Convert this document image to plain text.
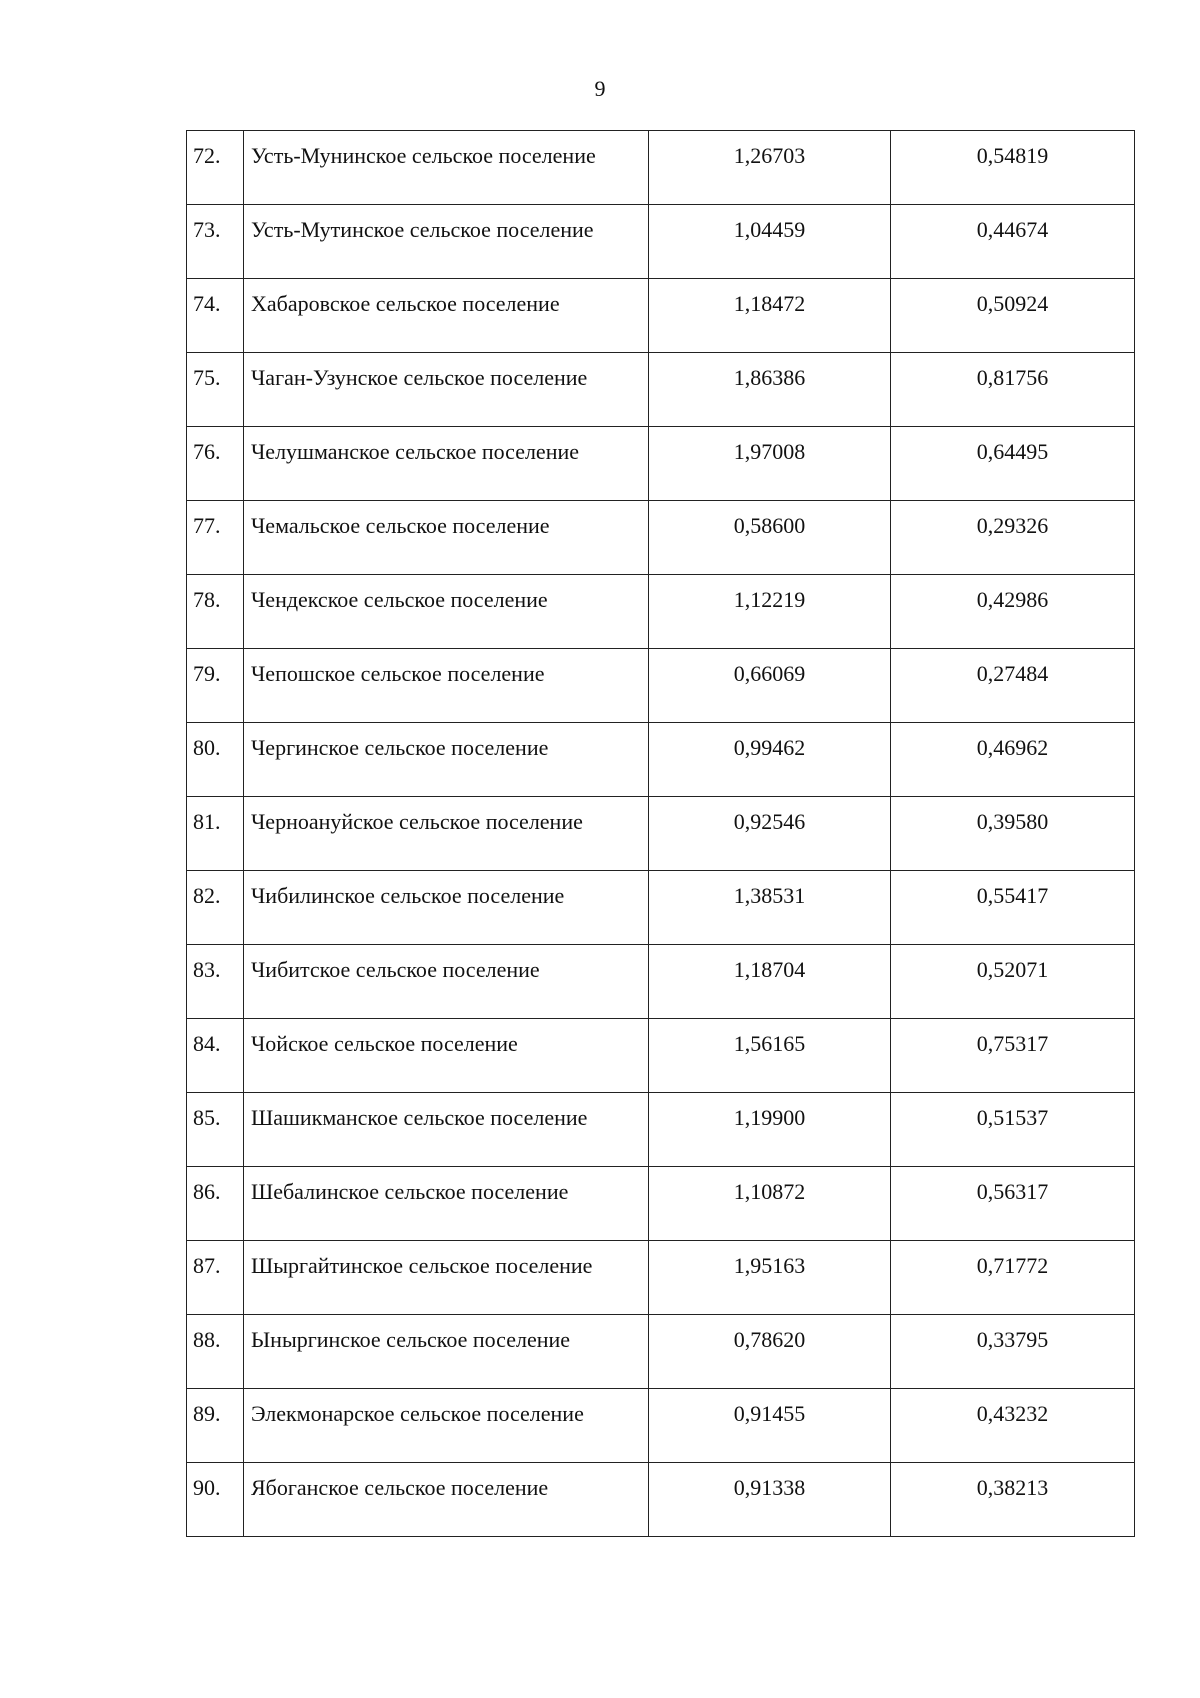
9
72.	Усть-Мунинское сельское поселение	1,26703	0,54819
73.	Усть-Мутинское сельское поселение	1,04459	0,44674
74.	Хабаровское сельское поселение	1,18472	0,50924
75.	Чаган-Узунское сельское поселение	1,86386	0,81756
76.	Челушманское сельское поселение	1,97008	0,64495
77.	Чемальское сельское поселение	0,58600	0,29326
78.	Чендекское сельское поселение	1,12219	0,42986
79.	Чепошское сельское поселение	0,66069	0,27484
80.	Чергинское сельское поселение	0,99462	0,46962
81.	Черноануйское сельское поселение	0,92546	0,39580
82.	Чибилинское сельское поселение	1,38531	0,55417
83.	Чибитское сельское поселение	1,18704	0,52071
84.	Чойское сельское поселение	1,56165	0,75317
85.	Шашикманское сельское поселение	1,19900	0,51537
86.	Шебалинское сельское поселение	1,10872	0,56317
87.	Шыргайтинское сельское поселение	1,95163	0,71772
88.	Ыныргинское сельское поселение	0,78620	0,33795
89.	Элекмонарское сельское поселение	0,91455	0,43232
90.	Ябоганское сельское поселение	0,91338	0,38213
